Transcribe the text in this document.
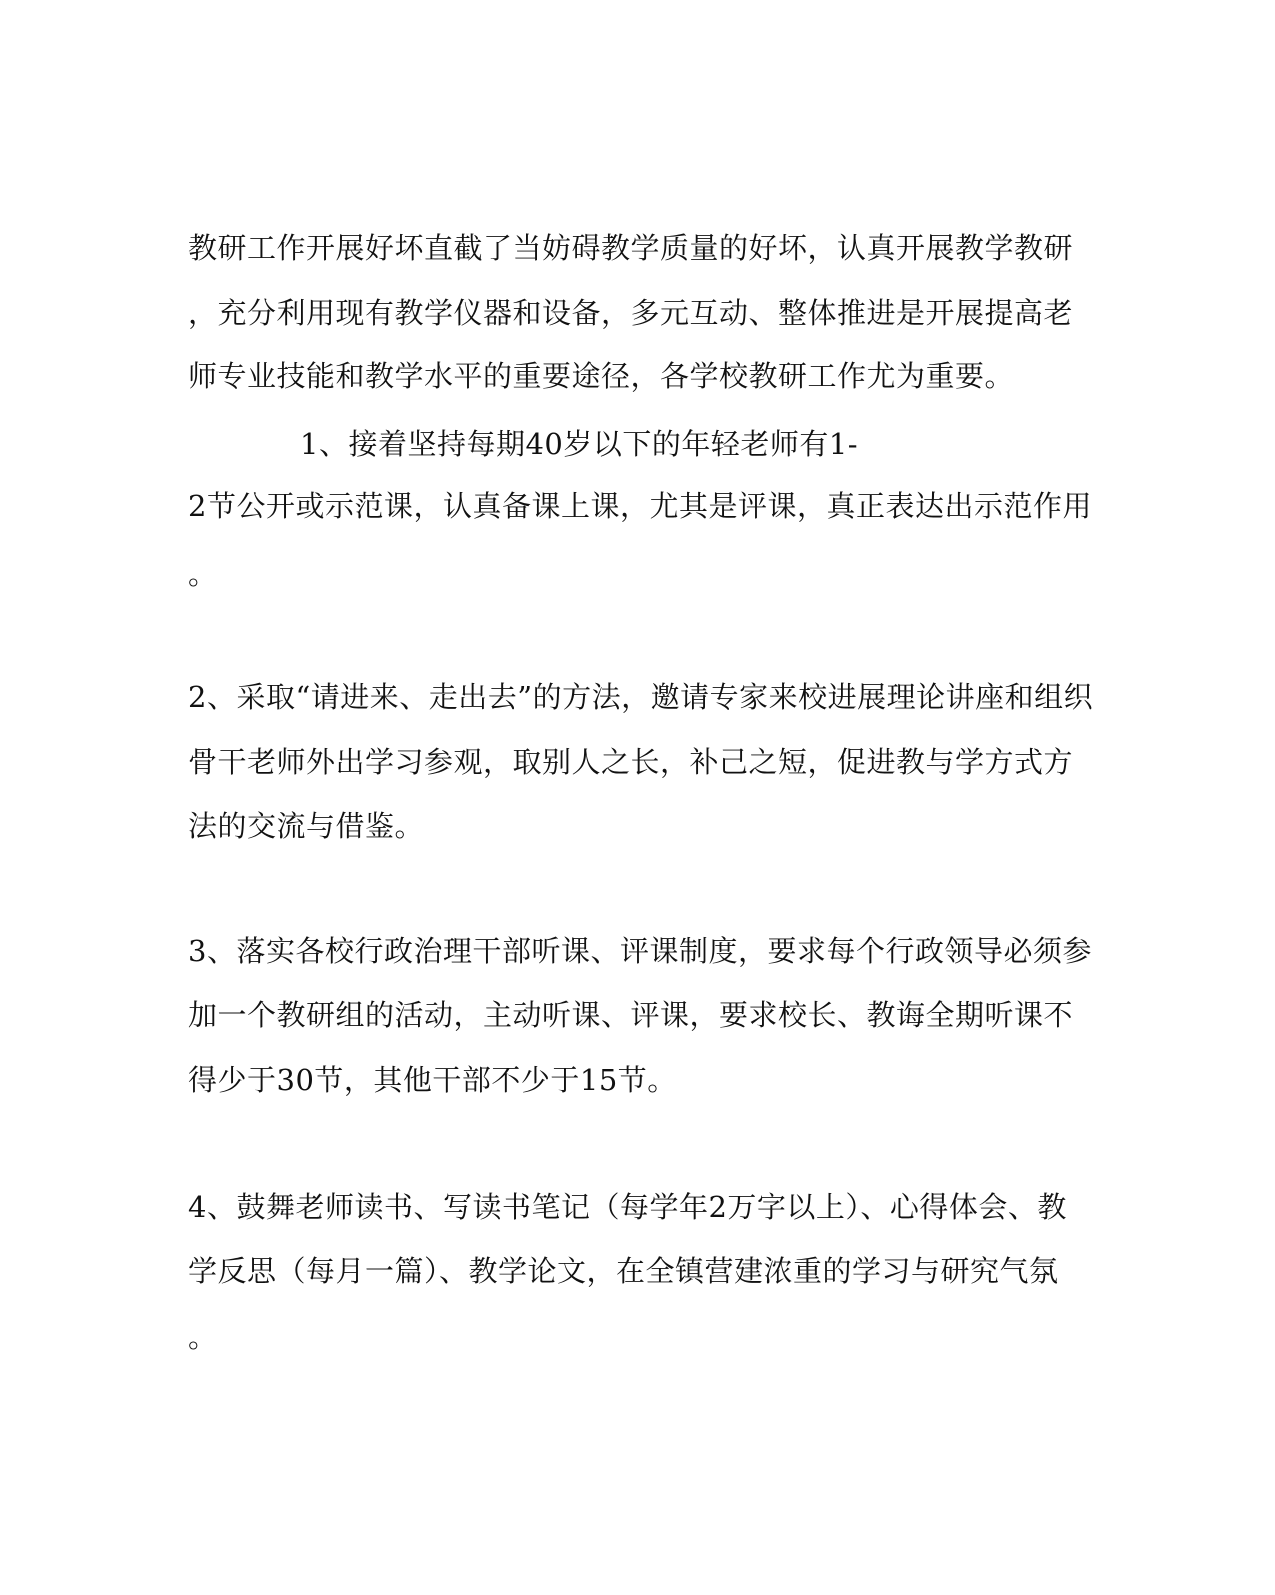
教研工作开展好坏直截了当妨碍教学质量的好坏，认真开展教学教研
，充分利用现有教学仪器和设备，多元互动、整体推进是开展提高老
师专业技能和教学水平的重要途径，各学校教研工作尤为重要。
1、接着坚持每期40岁以下的年轻老师有1-
2节公开或示范课，认真备课上课，尤其是评课，真正表达出示范作用
。
2、采取“请进来、走出去”的方法，邀请专家来校进展理论讲座和组织
骨干老师外出学习参观，取别人之长，补己之短，促进教与学方式方
法的交流与借鉴。
3、落实各校行政治理干部听课、评课制度，要求每个行政领导必须参
加一个教研组的活动，主动听课、评课，要求校长、教诲全期听课不
得少于30节，其他干部不少于15节。
4、鼓舞老师读书、写读书笔记（每学年2万字以上）、心得体会、教
学反思（每月一篇）、教学论文，在全镇营建浓重的学习与研究气氛
。
